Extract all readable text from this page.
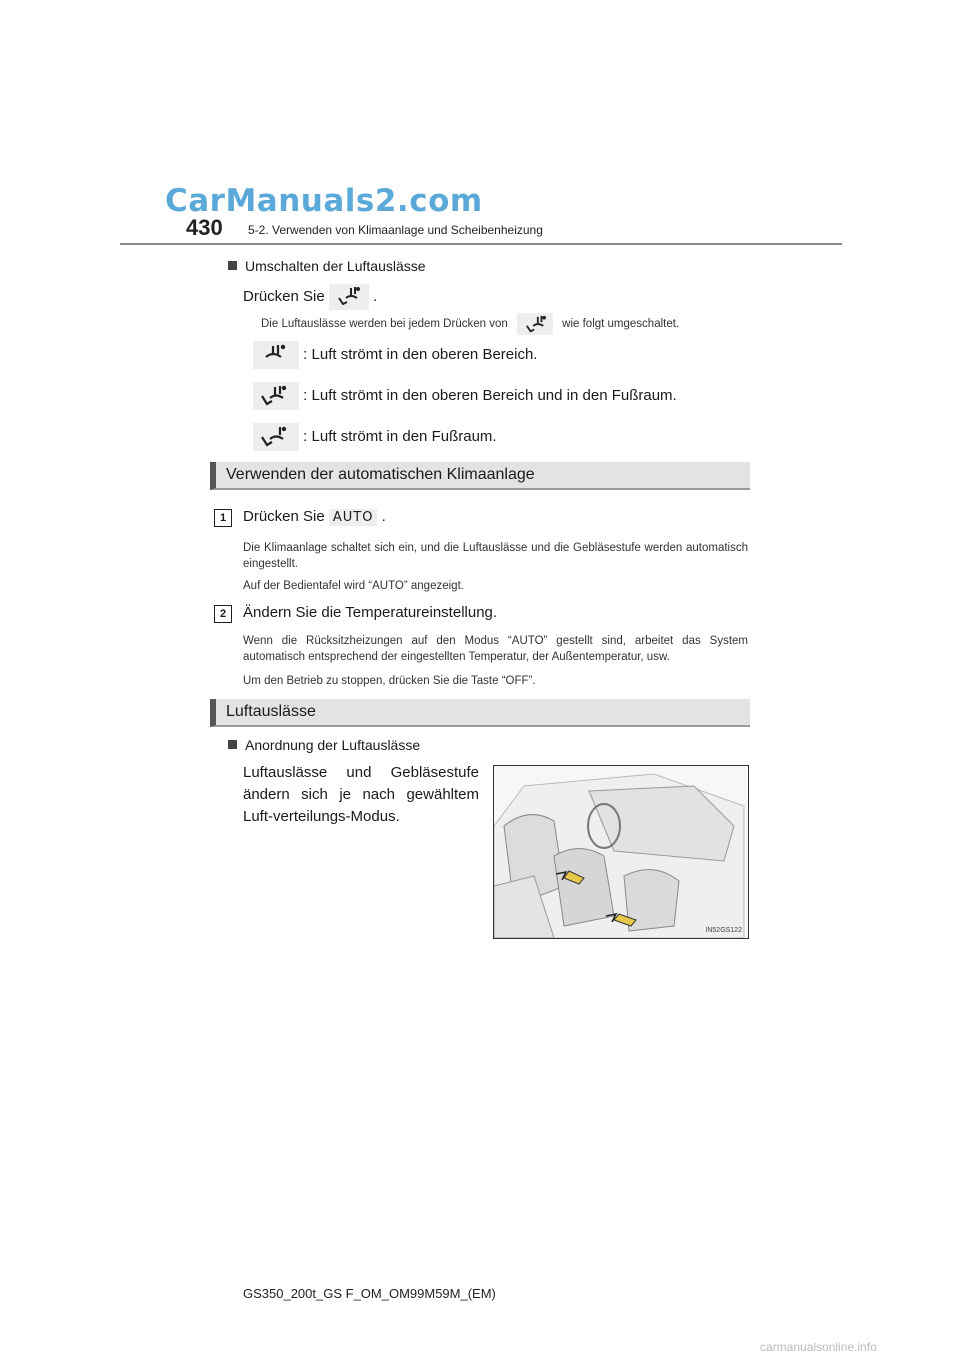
CarManuals2.com
430 5-2. Verwenden von Klimaanlage und Scheibenheizung
Umschalten der Luftauslässe
Drücken Sie	.
Die Luftauslässe werden bei jedem Drücken von	wie folgt umgeschaltet.
: Luft strömt in den oberen Bereich.
: Luft strömt in den oberen Bereich und in den Fußraum.
: Luft strömt in den Fußraum.
Verwenden der automatischen Klimaanlage
1	Drücken Sie AUTO .
Die Klimaanlage schaltet sich ein, und die Luftauslässe und die Gebläsestufe werden automatisch eingestellt.
Auf der Bedientafel wird “AUTO” angezeigt.
2	Ändern Sie die Temperatureinstellung.
Wenn die Rücksitzheizungen auf den Modus “AUTO” gestellt sind, arbeitet das System automatisch entsprechend der eingestellten Temperatur, der Außentemperatur, usw.
Um den Betrieb zu stoppen, drücken Sie die Taste “OFF”.
Luftauslässe
Anordnung der Luftauslässe
Luftauslässe und Gebläsestufe ändern sich je nach gewähltem Luft-verteilungs-Modus.
IN52GS122
GS350_200t_GS F_OM_OM99M59M_(EM)
carmanualsonline.info
